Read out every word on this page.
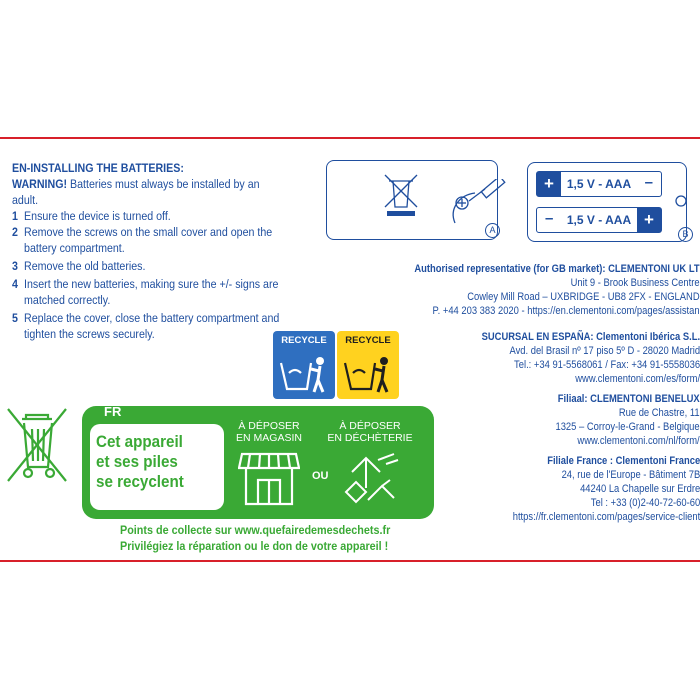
EN-INSTALLING THE BATTERIES:
WARNING! Batteries must always be installed by an adult.
1 Ensure the device is turned off.
2 Remove the screws on the small cover and open the battery compartment.
3 Remove the old batteries.
4 Insert the new batteries, making sure the +/- signs are matched correctly.
5 Replace the cover, close the battery compartment and tighten the screws securely.
A
+	1,5 V - AAA –
–	1,5 V - AAA +
B
Authorised representative (for GB market): CLEMENTONI UK LT
Unit 9 - Brook Business Centre
Cowley Mill Road – UXBRIDGE - UB8 2FX - ENGLAND
P. +44 203 383 2020 - https://en.clementoni.com/pages/assistan
SUCURSAL EN ESPAÑA: Clementoni Ibérica S.L.
Avd. del Brasil nº 17 piso 5º D - 28020 Madrid
Tel.: +34 91-5568061 / Fax: +34 91-5558036
www.clementoni.com/es/form/
Filiaal: CLEMENTONI BENELUX
Rue de Chastre, 11
1325 – Corroy-le-Grand - Belgique
www.clementoni.com/nl/form/
Filiale France : Clementoni France
24, rue de l'Europe - Bâtiment 7B
44240 La Chapelle sur Erdre
Tel : +33 (0)2-40-72-60-60
https://fr.clementoni.com/pages/service-client
RECYCLE	RECYCLE
FR
Cet appareil
et ses piles
se recyclent
À DÉPOSER
EN MAGASIN
À DÉPOSER
EN DÉCHÈTERIE
OU
Points de collecte sur www.quefairedemesdechets.fr
Privilégiez la réparation ou le don de votre appareil !
